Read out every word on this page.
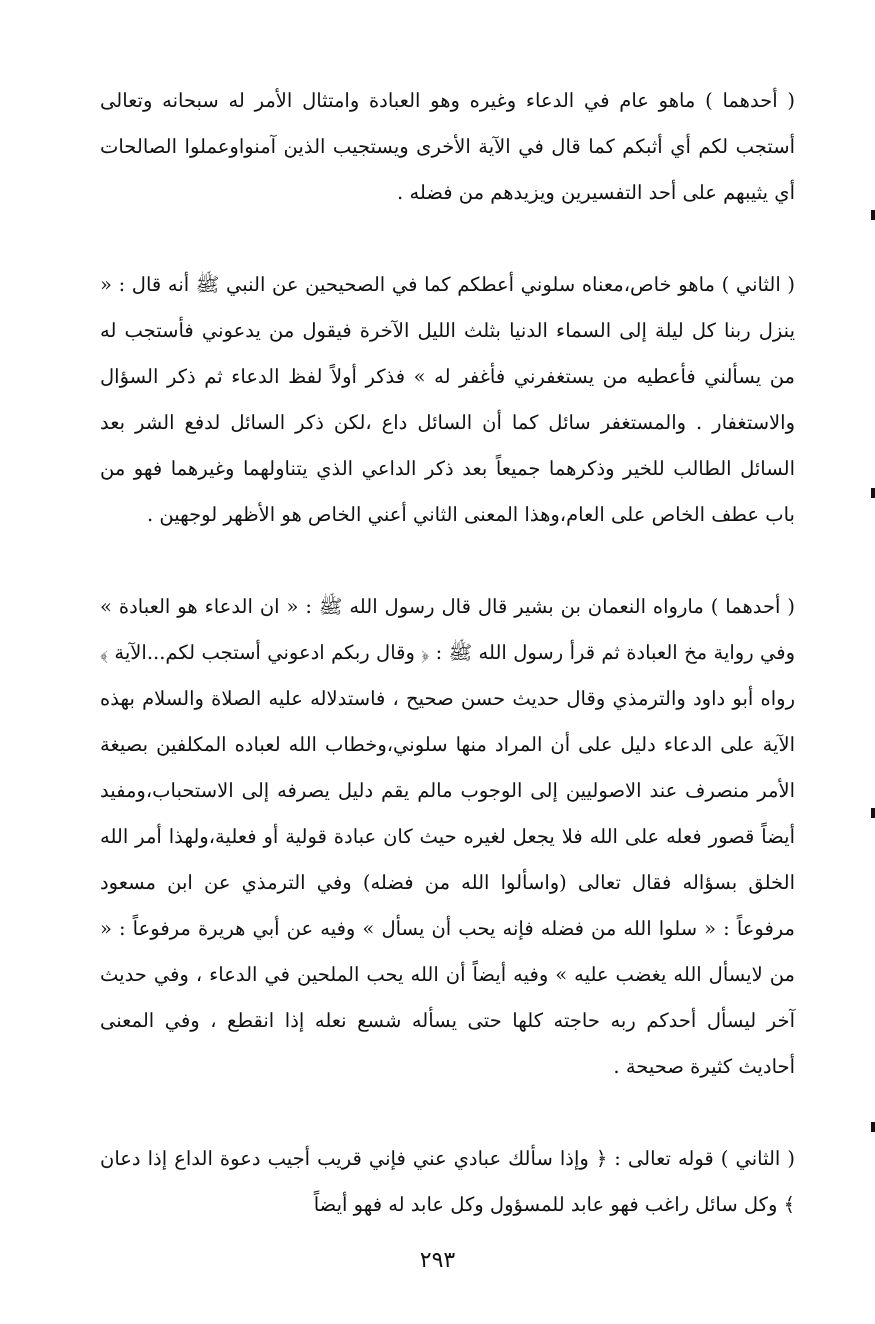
( أحدهما ) ماهو عام في الدعاء وغيره وهو العبادة وامتثال الأمر له سبحانه وتعالى أستجب لكم أي أثبكم كما قال في الآية الأخرى ويستجيب الذين آمنواوعملوا الصالحات أي يثيبهم على أحد التفسيرين ويزيدهم من فضله .

( الثاني ) ماهو خاص،معناه سلوني أعطكم كما في الصحيحين عن النبي ﷺ أنه قال : « ينزل ربنا كل ليلة إلى السماء الدنيا بثلث الليل الآخرة فيقول من يدعوني فأستجب له من يسألني فأعطيه من يستغفرني فأغفر له » فذكر أولاً لفظ الدعاء ثم ذكر السؤال والاستغفار . والمستغفر سائل كما أن السائل داع ،لكن ذكر السائل لدفع الشر بعد السائل الطالب للخير وذكرهما جميعاً بعد ذكر الداعي الذي يتناولهما وغيرهما فهو من باب عطف الخاص على العام،وهذا المعنى الثاني أعني الخاص هو الأظهر لوجهين .

( أحدهما ) مارواه النعمان بن بشير قال قال رسول الله ﷺ : « ان الدعاء هو العبادة » وفي رواية مخ العبادة ثم قرأ رسول الله ﷺ : ﴿ وقال ربكم ادعوني أستجب لكم...الآية ﴾ رواه أبو داود والترمذي وقال حديث حسن صحيح ، فاستدلاله عليه الصلاة والسلام بهذه الآية على الدعاء دليل على أن المراد منها سلوني،وخطاب الله لعباده المكلفين بصيغة الأمر منصرف عند الاصوليين إلى الوجوب مالم يقم دليل يصرفه إلى الاستحباب،ومفيد أيضاً قصور فعله على الله فلا يجعل لغيره حيث كان عبادة قولية أو فعلية،ولهذا أمر الله الخلق بسؤاله فقال تعالى (واسألوا الله من فضله) وفي الترمذي عن ابن مسعود مرفوعاً : « سلوا الله من فضله فإنه يحب أن يسأل » وفيه عن أبي هريرة مرفوعاً : « من لايسأل الله يغضب عليه » وفيه أيضاً أن الله يحب الملحين في الدعاء ، وفي حديث آخر ليسأل أحدكم ربه حاجته كلها حتى يسأله شسع نعله إذا انقطع ، وفي المعنى أحاديث كثيرة صحيحة .

( الثاني ) قوله تعالى : ﴿ وإذا سألك عبادي عني فإني قريب أجيب دعوة الداع إذا دعان ﴾ وكل سائل راغب فهو عابد للمسؤول وكل عابد له فهو أيضاً

٢٩٣
